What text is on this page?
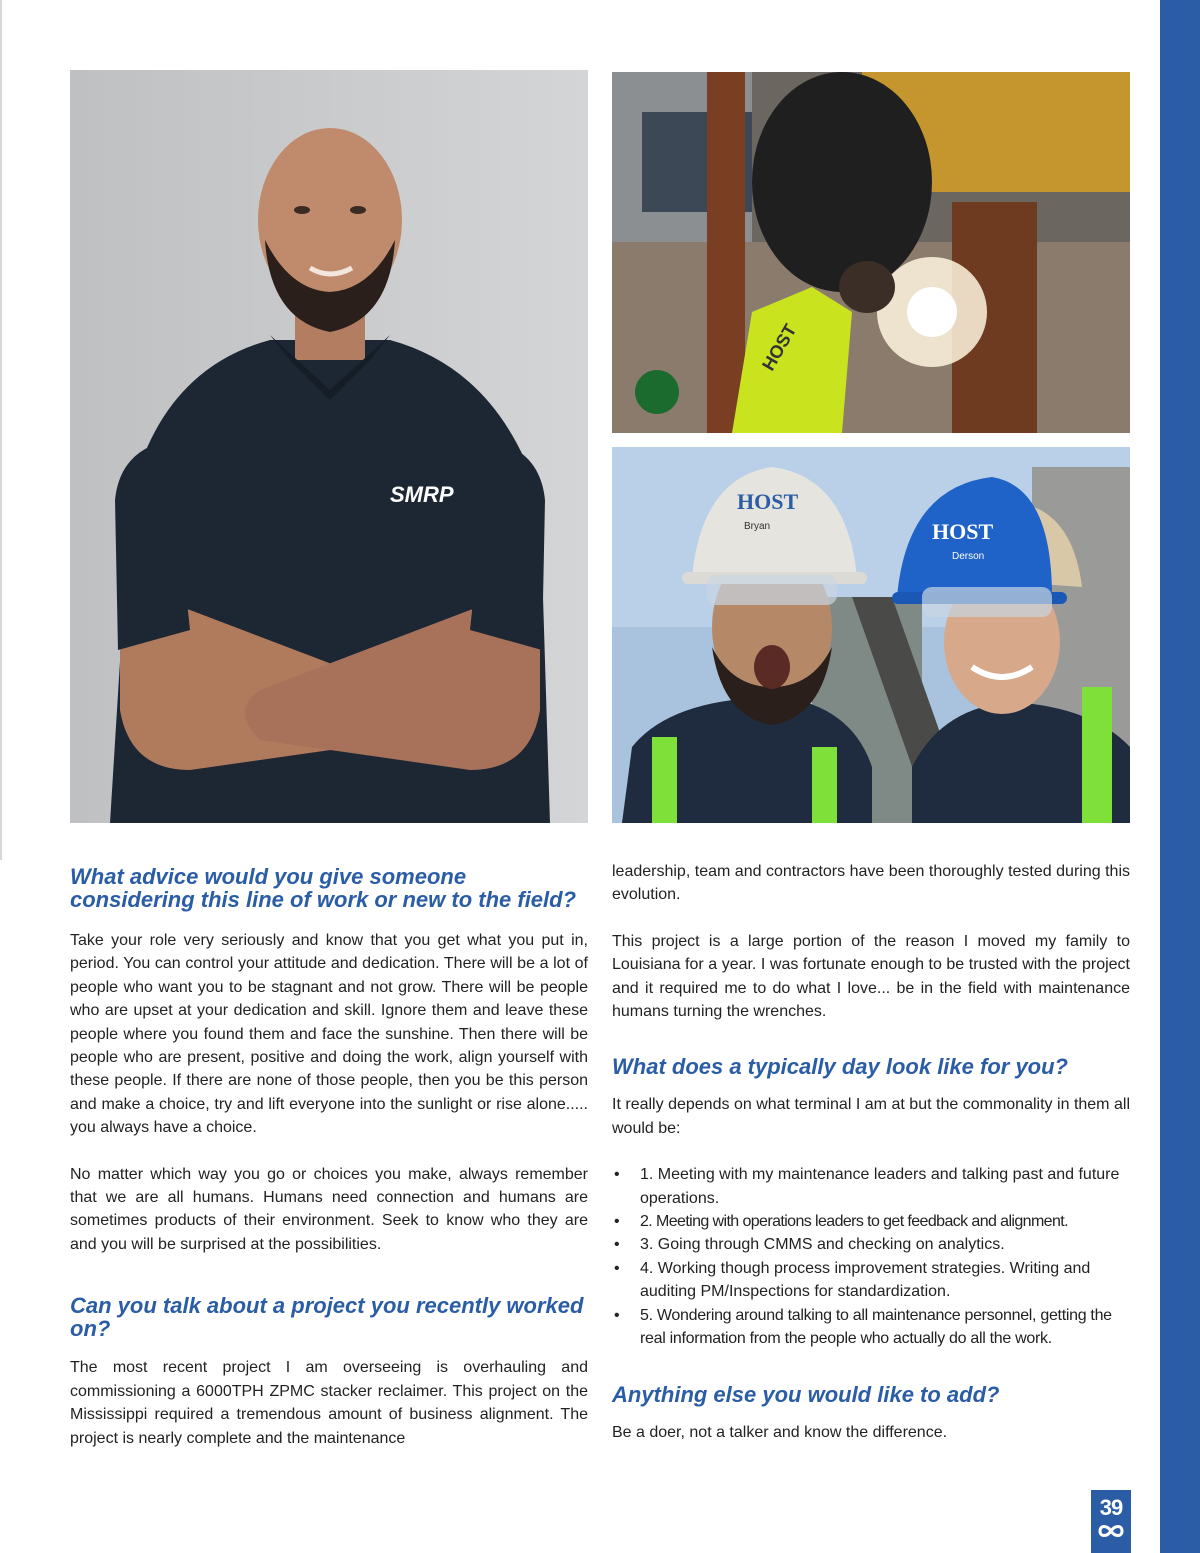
SMRP
HOST
HOST
Bryan	HOST
Derson
What advice would you give someone considering this line of work or new to the field?

Take your role very seriously and know that you get what you put in, period. You can control your attitude and dedication. There will be a lot of people who want you to be stagnant and not grow. There will be people who are upset at your dedication and skill. Ignore them and leave these people where you found them and face the sunshine. Then there will be people who are present, positive and doing the work, align yourself with these people. If there are none of those people, then you be this person and make a choice, try and lift everyone into the sunlight or rise alone..... you always have a choice.

No matter which way you go or choices you make, always remember that we are all humans. Humans need connection and humans are sometimes products of their environment. Seek to know who they are and you will be surprised at the possibilities.

Can you talk about a project you recently worked on?

The most recent project I am overseeing is overhauling and commissioning a 6000TPH ZPMC stacker reclaimer. This project on the Mississippi required a tremendous amount of business alignment. The project is nearly complete and the maintenance

leadership, team and contractors have been thoroughly tested during this evolution.

This project is a large portion of the reason I moved my family to Louisiana for a year. I was fortunate enough to be trusted with the project and it required me to do what I love... be in the field with maintenance humans turning the wrenches.

What does a typically day look like for you?

It really depends on what terminal I am at but the commonality in them all would be:

• 1. Meeting with my maintenance leaders and talking past and future operations.
• 2. Meeting with operations leaders to get feedback and alignment.
• 3. Going through CMMS and checking on analytics.
• 4. Working though process improvement strategies. Writing and auditing PM/Inspections for standardization.
• 5. Wondering around talking to all maintenance personnel, getting the real information from the people who actually do all the work.
Anything else you would like to add?

Be a doer, not a talker and know the difference.

39
